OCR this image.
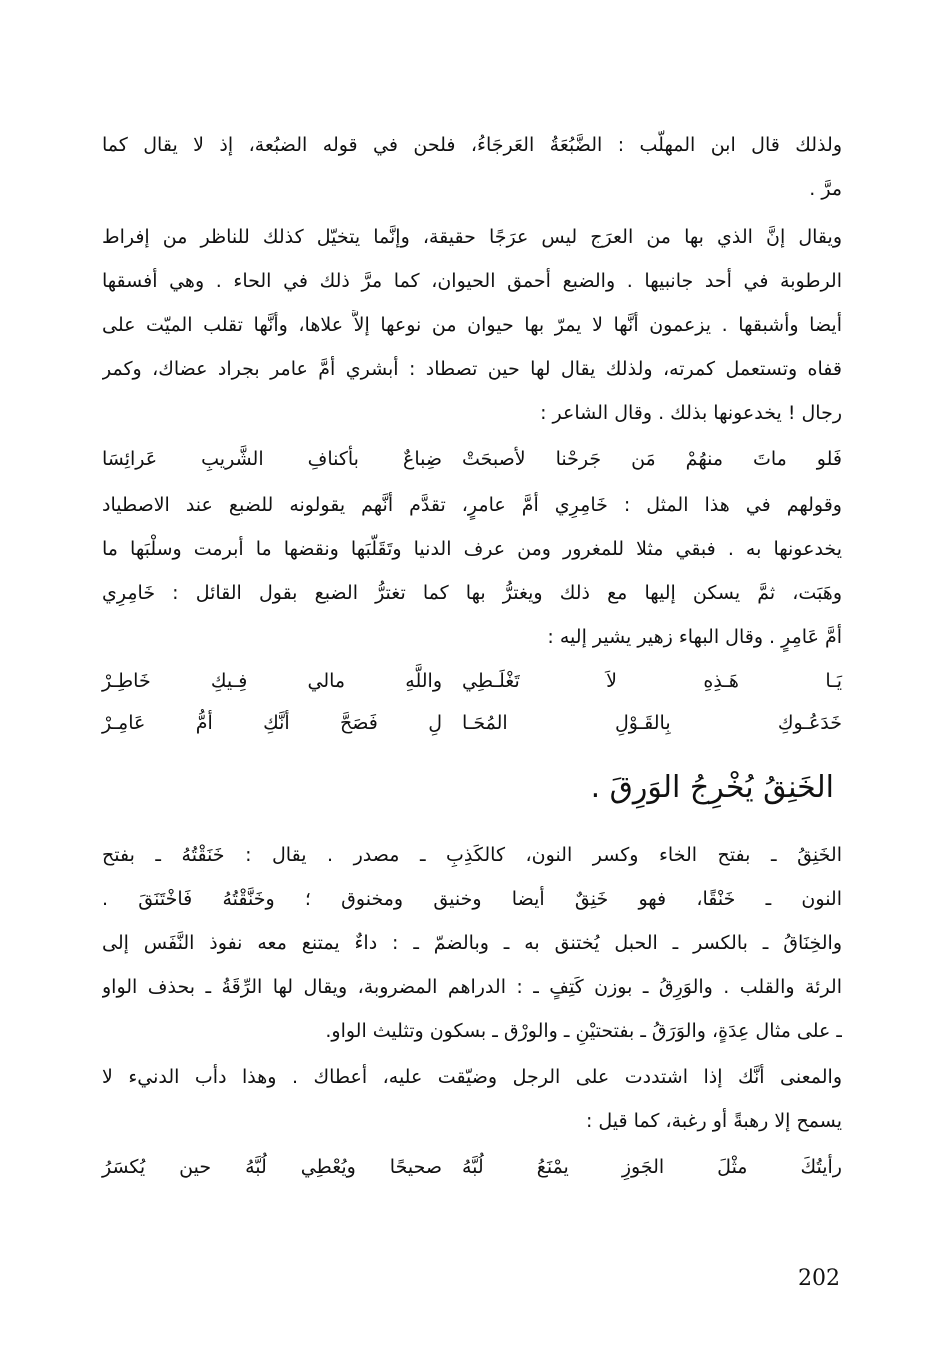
ولذلك قال ابن المهلّب : الضَّبُعَةُ العَرجَاءُ، فلحن في قوله الضبُعة، إذ لا يقال كما
مرَّ .
ويقال إنَّ الذي بها من العرَج ليس عرَجًا حقيقة، وإنَّما يتخيّل كذلك للناظر من إفراط
الرطوبة في أحد جانبيها . والضبع أحمق الحيوان، كما مرَّ ذلك في الحاء . وهي أفسقها
أيضا وأشبقها . يزعمون أنَّها لا يمرّ بها حيوان من نوعها إلاَّ علاها، وأنَّها تقلب الميّت على
قفاه وتستعمل كمرته، ولذلك يقال لها حين تصطاد : أبشري أمَّ عامر بجراد عضاك، وكمر
رجال ! يخدعونها بذلك . وقال الشاعر :
فَلو ماتَ منهُمْ مَن جَرحْنا لأصبحَتْ
ضِباعٌ بأكنافِ الشَّريبِ عَرائِسَا
وقولهم في هذا المثل : خَامِرِي أمَّ عامرٍ، تقدَّم أنَّهم يقولونه للضبع عند الاصطياد
يخدعونها به . فبقي مثلا للمغرور ومن عرف الدنيا وتَقَلُّبَها ونقضها ما أبرمت وسلْبَها ما
وهَبَت، ثمَّ يسكن إليها مع ذلك ويغترُّ بها كما تغترُّ الضبع بقول القائل : خَامِرِي
أمَّ عَامِرٍ . وقال البهاء زهير يشير إليه :
يَـا هَـذِهِ لاَ تَغْلَـطِي
واللَّهِ مالي فِـيكِ خَاطِـرْ
خَدَعُـوكِ بِالقَـوْلِ المُحَـا
لِ فَصَحَّ أنَّكِ أمُّ عَامِـرْ
الخَنِقُ يُخْرِجُ الوَرِقَ .
الخَنِقُ ـ بفتح الخاء وكسر النون، كالكَذِبِ ـ مصدر . يقال : خَنَقْتُهُ ـ بفتح
النون ـ خَنْقًا، فهو خَنِقٌ أيضا وخنيق ومخنوق ؛ وخَنَّقْتُهُ فَاخْتَنَقَ .
والخِنَاقُ ـ بالكسر ـ الحبل يُختنق به ـ وبالضمّ ـ : داءٌ يمتنع معه نفوذ النَّفَس إلى
الرئة والقلب . والوَرِقُ ـ بوزن كَتِفٍ ـ : الدراهم المضروبة، ويقال لها الرِّقَةُ ـ بحذف الواو
ـ على مثال عِدَةٍ، والوَرَقُ ـ بفتحتيْنِ ـ والورْق ـ بسكون وتثليث الواو.
والمعنى أنَّك إذا اشتددت على الرجل وضيّقت عليه، أعطاك . وهذا دأب الدنيء لا
يسمح إلا رهبةً أو رغبة، كما قيل :
رأيتُكَ مثْلَ الجَوزِ يمْنَعُ لُبَّهُ
صحيحًا ويُعْطِي لُبَّهُ حين يُكسَرُ
202
